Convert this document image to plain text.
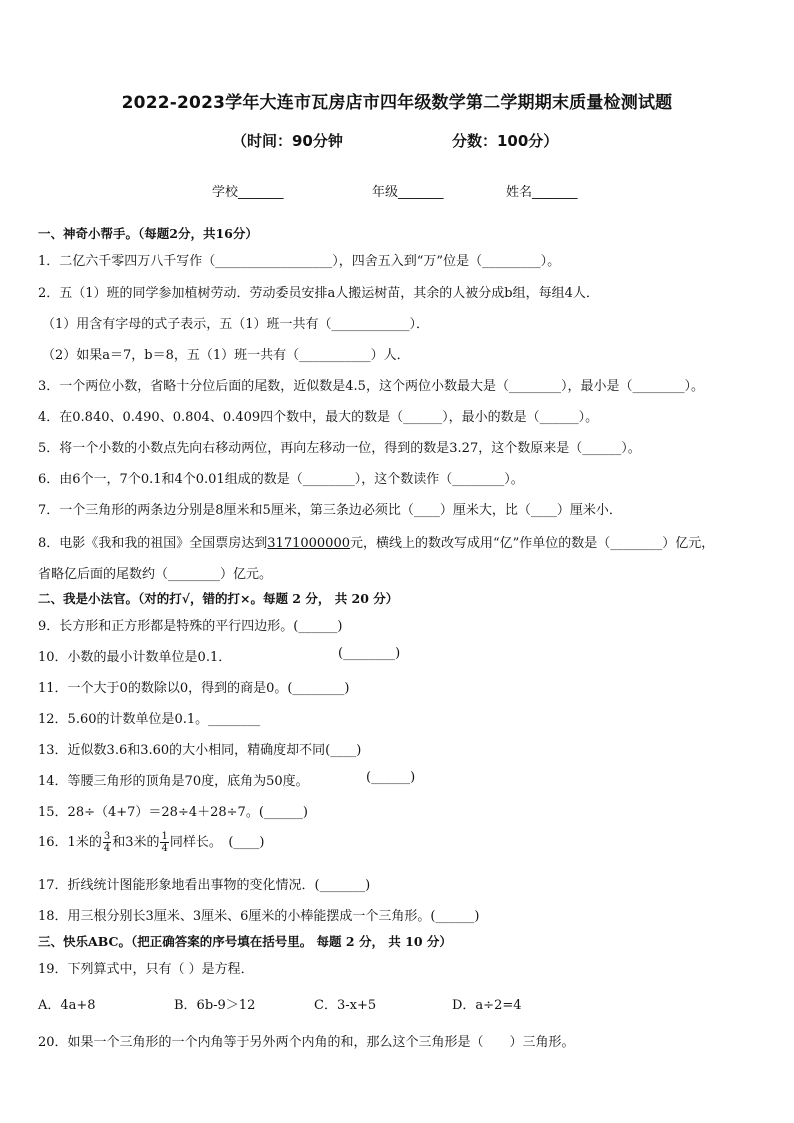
2022-2023学年大连市瓦房店市四年级数学第二学期期末质量检测试题
（时间：90分钟	分数：100分）
学校_______	年级_______	姓名_______
一、神奇小帮手。（每题2分，共16分）
1．二亿六千零四万八千写作（__________________），四舍五入到“万”位是（_________）。
2．五（1）班的同学参加植树劳动．劳动委员安排a人搬运树苗，其余的人被分成b组，每组4人．
（1）用含有字母的式子表示，五（1）班一共有（____________）．
（2）如果a＝7，b＝8，五（1）班一共有（___________）人．
3．一个两位小数，省略十分位后面的尾数，近似数是4.5，这个两位小数最大是（________），最小是（________）。
4．在0.840、0.490、0.804、0.409四个数中，最大的数是（______），最小的数是（______）。
5．将一个小数的小数点先向右移动两位，再向左移动一位，得到的数是3.27，这个数原来是（______）。
6．由6个一，7个0.1和4个0.01组成的数是（________），这个数读作（________）。
7．一个三角形的两条边分别是8厘米和5厘米，第三条边必须比（____）厘米大，比（____）厘米小．
8．电影《我和我的祖国》全国票房达到3171000000元，横线上的数改写成用“亿”作单位的数是（________）亿元，
省略亿后面的尾数约（________）亿元。
二、我是小法官。（对的打√，错的打×。每题 2 分， 共 20 分）
9．长方形和正方形都是特殊的平行四边形。(______)
10．小数的最小计数单位是0.1．	(________)
11．一个大于0的数除以0，得到的商是0。(________)
12．5.60的计数单位是0.1。________
13．近似数3.6和3.60的大小相同，精确度却不同(____)
14．等腰三角形的顶角是70度，底角为50度。	(______)
15．28÷（4+7）＝28÷4＋28÷7。(______)
16．1米的 $\frac{3}{4}$ 和3米的 $\frac{1}{4}$ 同样长。　(____)
17．折线统计图能形象地看出事物的变化情况．(_______)
18．用三根分别长3厘米、3厘米、6厘米的小棒能摆成一个三角形。(______)
三、快乐ABC。（把正确答案的序号填在括号里。 每题 2 分， 共 10 分）
19．下列算式中，只有（ ）是方程．
A．4a+8	B．6b-9＞12	C．3-x+5	D．a÷2=4
20．如果一个三角形的一个内角等于另外两个内角的和，那么这个三角形是（　　）三角形。
